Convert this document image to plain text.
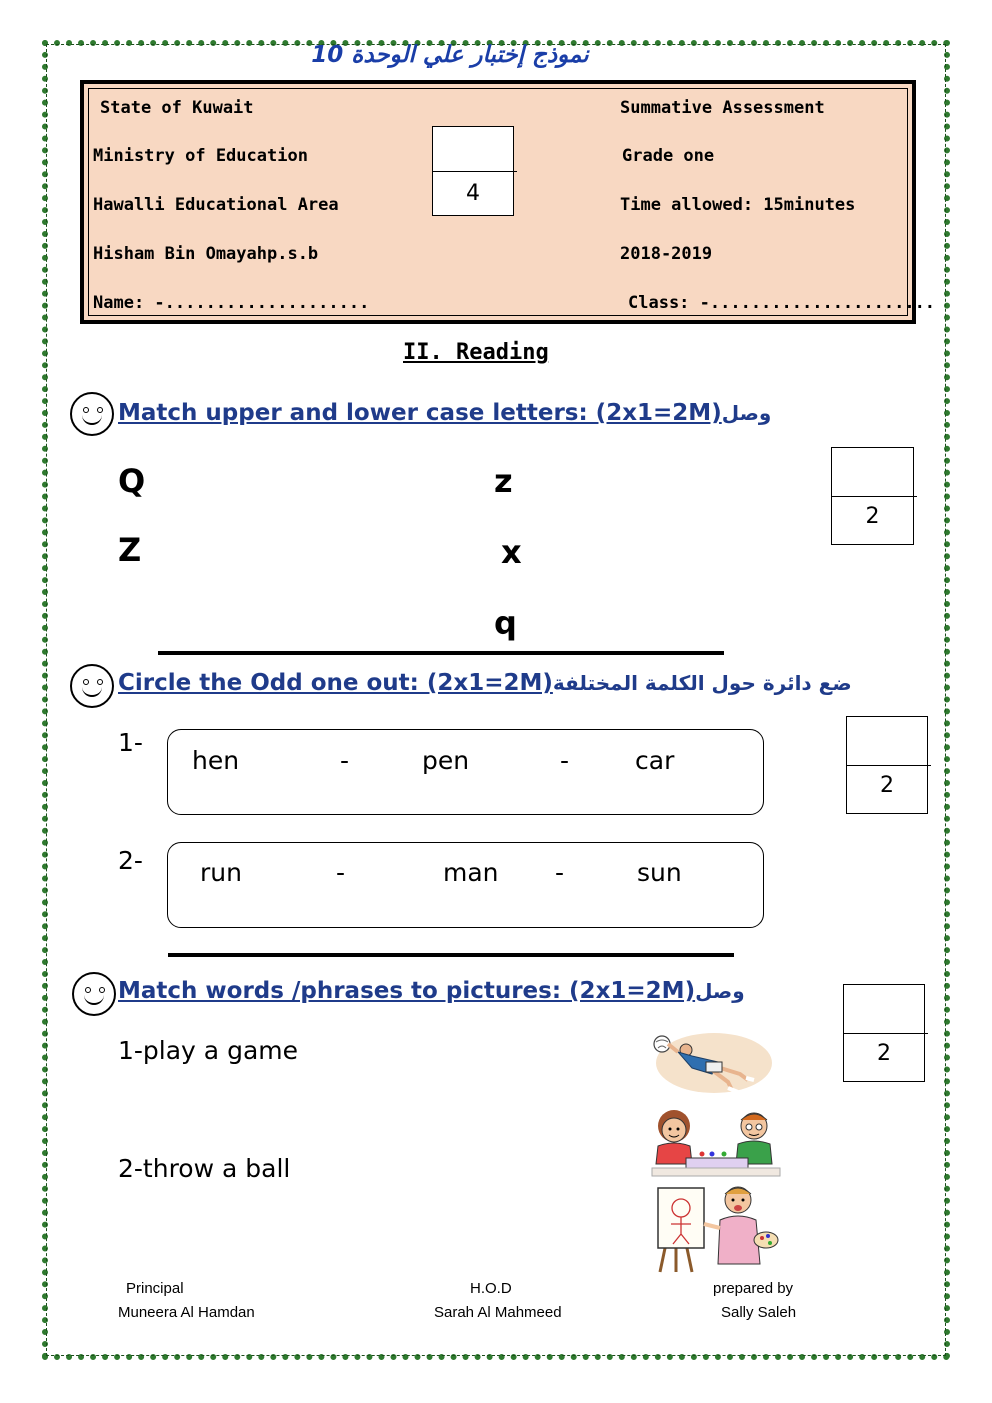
نموذج إختبار علي الوحدة 10
State of Kuwait
Ministry of Education
Hawalli Educational Area
Hisham Bin Omayahp.s.b
Name: -....................
Summative Assessment
Grade one
Time allowed: 15minutes
2018-2019
Class: -......................
4
II. Reading
Match upper and lower case letters: (2x1=2M)وصل
Q
Z
z
x
q
2
Circle the Odd one out: (2x1=2M)ضع دائرة حول الكلمة المختلفة
1-
hen	-	pen	-	car
2- run	-	man -	sun
2
Match words /phrases to pictures: (2x1=2M)وصل
2
1-play a game
2-throw a ball
Principal
Muneera Al Hamdan
H.O.D
Sarah Al Mahmeed
prepared by
Sally Saleh
